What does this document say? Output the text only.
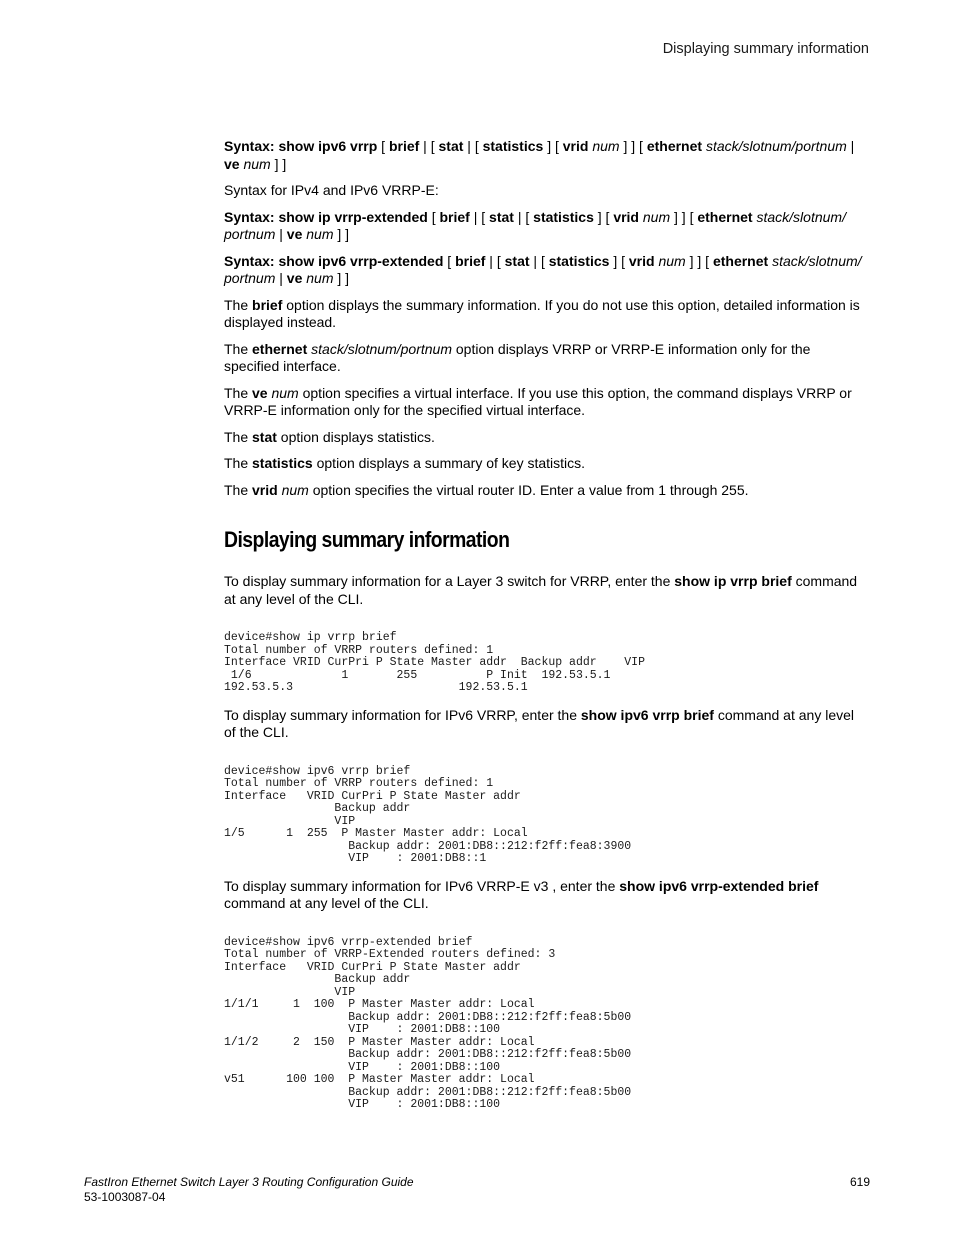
Displaying summary information

Syntax: show ipv6 vrrp [ brief | [ stat | [ statistics ] [ vrid num ] ] [ ethernet stack/slotnum/portnum | ve num ] ]

Syntax for IPv4 and IPv6 VRRP-E:

Syntax: show ip vrrp-extended [ brief | [ stat | [ statistics ] [ vrid num ] ] [ ethernet stack/slotnum/ portnum | ve num ] ]

Syntax: show ipv6 vrrp-extended [ brief | [ stat | [ statistics ] [ vrid num ] ] [ ethernet stack/slotnum/ portnum | ve num ] ]

The brief option displays the summary information. If you do not use this option, detailed information is displayed instead.

The ethernet stack/slotnum/portnum option displays VRRP or VRRP-E information only for the specified interface.

The ve num option specifies a virtual interface. If you use this option, the command displays VRRP or VRRP-E information only for the specified virtual interface.

The stat option displays statistics.

The statistics option displays a summary of key statistics.

The vrid num option specifies the virtual router ID. Enter a value from 1 through 255.

Displaying summary information

To display summary information for a Layer 3 switch for VRRP, enter the show ip vrrp brief command at any level of the CLI.

device#show ip vrrp brief
Total number of VRRP routers defined: 1
Interface VRID CurPri P State Master addr  Backup addr    VIP
1/6             1       255          P Init  192.53.5.1
192.53.5.3                        192.53.5.1

To display summary information for IPv6 VRRP, enter the show ipv6 vrrp brief command at any level of the CLI.

device#show ipv6 vrrp brief
Total number of VRRP routers defined: 1
Interface   VRID CurPri P State Master addr
Backup addr
VIP
1/5      1  255  P Master Master addr: Local
Backup addr: 2001:DB8::212:f2ff:fea8:3900
VIP    : 2001:DB8::1

To display summary information for IPv6 VRRP-E v3 , enter the show ipv6 vrrp-extended brief command at any level of the CLI.

device#show ipv6 vrrp-extended brief
Total number of VRRP-Extended routers defined: 3
Interface   VRID CurPri P State Master addr
Backup addr
VIP
1/1/1     1  100  P Master Master addr: Local
Backup addr: 2001:DB8::212:f2ff:fea8:5b00
VIP    : 2001:DB8::100
1/1/2     2  150  P Master Master addr: Local
Backup addr: 2001:DB8::212:f2ff:fea8:5b00
VIP    : 2001:DB8::100
v51      100 100  P Master Master addr: Local
Backup addr: 2001:DB8::212:f2ff:fea8:5b00
VIP    : 2001:DB8::100
FastIron Ethernet Switch Layer 3 Routing Configuration Guide
53-1003087-04
619
